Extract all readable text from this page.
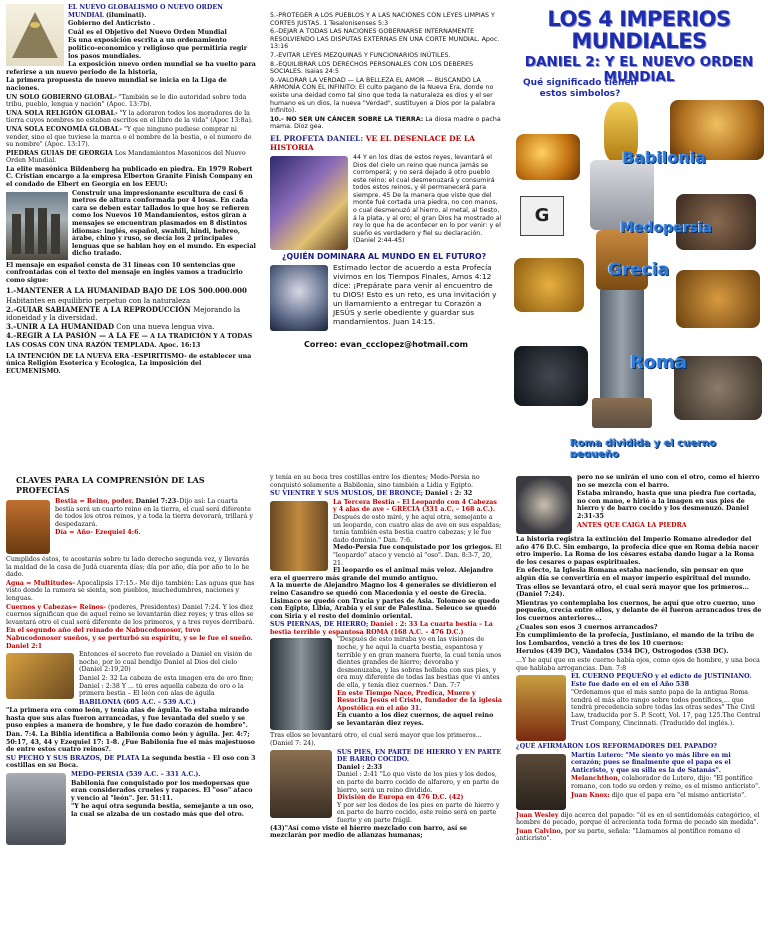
EL NUEVO GLOBALISMO O NUEVO ORDEN MUNDIAL (iluminati).

Gobierno del Anticristo .

Cuál es el Objetivo del Nuevo Orden Mundial

Es una exposición escrita a un ordenamiento político-economico y religioso que permitiría regir los pasos mundiales.

La exposición nuevo orden mundial se ha vuelto para referirse a un nuevo periodo de la historia,

La primera propuesta de nuevo mundial se inicia en la Liga de naciones.

UN SOLO GOBIERNO GLOBAL- "También se le dio autoridad sobre toda tribu, pueblo, lengua y nación" (Apoc. 13:7b).

UNA SOLA RELIGIÓN GLOBAL- "Y la adoraron todos los moradores de la tierra cuyos nombres no estaban escritos en el libro de la vida" (Apoc 13:8a).

UNA SOLA ECONOMÍA GLOBAL- "Y que ninguno pudiese comprar ni vender, sino el que tuviese la marca o el nombre de la bestia, o el numero de su nombre" (Apoc. 13:17).

PIEDRAS GUIAS DE GEORGIA Los Mandamientos Masonicos del Nuevo Orden Mundial.

La elite masónica Bildenberg ha publicado en piedra. En 1979 Robert C. Cristian encargo a la empresa Elberton Granite Finish Company en el condado de Elbert en Georgia en los EEUU:

Construir una impresionante escultura de casi 6 metros de altura conformada por 4 losas. En cada cara se deben estar tallados lo que hoy se refieren como los Nuevos 10 Mandamientos, estos giran a mensajes se encuentran plasmados en 8 distintos idiomas: inglés, español, swahili, hindi, hebreo, árabe, chino y ruso, se decía los 2 principales lenguas que se hablan hoy en el mundo. En especial dicho tratado.

El mensaje en español consta de 31 líneas con 10 sentencias que confrontadas con el texto del mensaje en inglés vamos a traducirlo como sigue:

1.-MANTENER A LA HUMANIDAD BAJO DE LOS 500.000.000

Habitantes en equilibrio perpetuo con la naturaleza

2.-GUIAR SABIAMENTE A LA REPRODUCCIÓN Mejorando la idoneidad y la diversidad.

3.-UNIR A LA HUMANIDAD Con una nueva lengua viva.

4.-REGIR A LA PASIÓN — A LA FE — A LA TRADICIÓN Y A TODAS LAS COSAS CON UNA RAZÓN TEMPLADA. Apoc. 16:13

LA INTENCIÓN DE LA NUEVA ERA -ESPIRITISMO- de establecer una única Religión Esoterica y Ecologica, La imposición del ECUMENISMO.

5.-PROTEGER A LOS PUEBLOS Y A LAS NACIONES CON LEYES LIMPIAS Y CORTES JUSTAS. 1 Tesalonisenses 5:3

6.-DEJAR A TODAS LAS NACIONES GOBERNARSE INTERNAMENTE RESOLVIENDO LAS DISPUTAS EXTERNAS EN UNA CORTE MUNDIAL. Apoc. 13:16

7.-EVITAR LEYES MEZQUINAS Y FUNCIONARIOS INÚTILES.

8.-EQUILIBRAR LOS DERECHOS PERSONALES CON LOS DEBERES SOCIALES. Isaias 24:5

9.-VALORAR LA VERDAD — LA BELLEZA EL AMOR — BUSCANDO LA ARMONÍA CON EL INFINITO: El culto pagano de la Nueva Era, donde no existe una deidad como tal sino que toda la naturaleza es dios y el ser humano es un dios, la nueva "Verdad", sustituyen a Dios por la palabra Infinito).

10.- NO SER UN CÁNCER SOBRE LA TIERRA: La diosa madre o pacha mama. Dioz gea.

EL PROFETA DANIEL: VE EL DESENLACE DE LA HISTORIA

44 Y en los días de estos reyes, levantará el Dios del cielo un reino que nunca jamás se corromperá; y no será dejado á otro pueblo este reino; el cual desmenuzará y consumirá todos estos reinos, y él permanecerá para siempre. 45 De la manera que viste que del monte fué cortada una piedra, no con manos, o cual desmenuzó al hierro, al metal, al tiesto, á la plata, y al oro; el gran Dios ha mostrado al rey lo que ha de acontecer en lo por venir: y el sueño es verdadero y fiel su declaración. (Daniel 2:44-45)

¿QUIÉN DOMINARA AL MUNDO EN EL FUTURO?

Estimado lector de acuerdo a esta Profecía vivimos en los Tiempos Finales, Amos 4:12 dice: ¡Prepárate para venir al encuentro de tu DIOS! Esto es un reto, es una invitación y un llamamiento a entregar tu Corazón a JESÚS y serle obediente y guardar sus mandamientos. Juan 14:15.

Correo: evan_ccclopez@hotmail.com

LOS 4 IMPERIOS MUNDIALES
DANIEL 2: Y EL NUEVO ORDEN MUNDIAL
Qué significado tienen estos simbolos?
G
Babilonia
Medopersia
Grecia
Roma
Roma dividida y el cuerno pequeño

CLAVES PARA LA COMPRENSIÓN DE LAS PROFECÍAS

Bestia = Reino, poder. Daniel 7:23–Dijo así: La cuarta bestia será un cuarto reino en la tierra, el cual será diferente de todos los otros reinos, y a toda la tierra devorará, trillará y despedazará.

Día = Año- Ezequiel 4:6.

Cumplidos éstos, te acostarás sobre tu lado derecho segunda vez, y llevarás la maldad de la casa de Judá cuarenta días; día por año, día por año te lo he dado.

Agua = Multitudes- Apocalipsis 17:15.- Me dijo también: Las aguas que has visto donde la ramera se sienta, son pueblos, muchedumbres, naciones y lenguas.

Cuernos y Cabezas= Reinos- (poderes, Presidentes) Daniel 7:24. Y los diez cuernos significan que de aquel reino se levantarán diez reyes; y tras ellos se levantará otro el cual será diferente de los primeros, y a tres reyes derribará.

En el segundo año del reinado de Nabucodonosor, tuvo Nabucodonosor sueños, y se perturbó su espíritu, y se le fue el sueño. Daniel 2:1

Entonces el secreto fue revelado a Daniel en visión de noche, por lo cual bendijo Daniel al Dios del cielo (Daniel 2:19,20)

Daniel 2: 32 La cabeza de esta imagen era de oro fino; Daniel : 2:38 Y ... tú eres aquella cabeza de oro o la primera bestia – El león con alas de águila

BABILONIA (605 A.C. – 539 A.C.)

"La primera era como león, y tenía alas de águila. Yo estaba mirando hasta que sus alas fueron arrancadas, y fue levantada del suelo y se puso enpies a manera de hombre, y le fue dado corazón de hombre".

Dan. 7:4. La Biblia identifica a Babilonia como león y águila. Jer. 4:7; 50:17, 43, 44 y Ezequiel 17: 1-8. ¿Fue Babilonia fue el más majestuoso de entre estos cuatro reinos?.

SU PECHO Y SUS BRAZOS, DE PLATA La segunda bestia – El oso con 3 costillas en su Boca.

MEDO-PERSIA (539 A.C. – 331 A.C.).

Babilonia fue conquistado por los medopersas que eran considerados crueles y rapaces. El "oso" ataco y vencio al "león". Jer. 51:11.

"Y he aquí otra segunda bestia, semejante a un oso, la cual se alzaba de un costado más que del otro.

y tenía en su boca tres costillas entre los dientes; Medo-Persia no conquistó solamente a Babilonia, sino también a Lidia y Egipto.

SU VIENTRE Y SUS MUSLOS, DE BRONCE; Daniel : 2: 32

La Tercera Bestia – El Leopardo con 4 Cabezas y 4 alas de ave – GRECIA (331 a.C. – 168 a.C.).

Después de esto miré, y he aquí otra, semejante a un leopardo, con cuatro alas de ave en sus espaldas; tenía también esta bestia cuatro cabezas; y le fue dado dominio." Dan. 7:6.

Medo-Persia fue conquistado por los griegos. El "leopardo" ataco y venció al "oso". Dan. 8:3-7, 20, 21.

El leopardo es el animal más veloz. Alejandro era el guerrero más grande del mundo antiguo.

A la muerte de Alejandro Magno los 4 generales se dividieron el reino Casandro se quedó con Macedonia y el oeste de Grecia. Lisimaco se quedó con Tracia y partes de Asia. Tolomeo se quedo con Egipto, Libia, Arabia y el sur de Palestina. Seleuco se quedó con Siria y el resto del dominio oriental.

SUS PIERNAS, DE HIERRO; Daniel : 2: 33 La cuarta bestia – La bestia terrible y espantosa ROMA (168 A.C. – 476 D.C.)

"Después de esto miraba yo en las visiones de noche, y he aquí la cuarta bestia, espantosa y terrible y en gran manera fuerte, la cual tenía unos dientes grandes de hierro; devoraba y desmenuzaba, y las sobras hollaba con sus pies, y era muy diferente de todas las bestias que vi antes de ella, y tenía diez cuernos." Dan. 7:7

En este Tiempo Nace, Predica, Muere y Resucita Jesús el Cristo, fundador de la iglesia Apostólica en el año 31.

En cuanto a los diez cuernos, de aquel reino se levantarán diez reyes.

Tras ellos se levantará otro, el cual será mayor que los primeros... (Daniel 7: 24).

SUS PIES, EN PARTE DE HIERRO Y EN PARTE DE BARRO COCIDO.

Daniel : 2:33

Daniel : 2:41 "Lo que viste de los pies y los dedos, en parte de barro cocido de alfarero, y en parte de hierro, será un reino dividido.

División de Europa en 476 D.C. (42)

Y por ser los dedos de los pies en parte de hierro y en parte de barro cocido, este reino será en parte fuerte y en parte frágil.

(43)"Así como viste el hierro mezclado con barro, así se mezclarán por medio de alianzas humanas;

pero no se unirán el uno con el otro, como el hierro no se mezcla con el barro.

Estaba mirando, hasta que una piedra fue cortada, no con mano, e hirió a la imagen en sus pies de hierro y de barro cocido y los desmenuzó. Daniel 2:31-35

ANTES QUE CAIGA LA PIEDRA

La historia registra la extinción del Imperio Romano alrededor del año 476 D.C. Sin embargo, la profecía dice que en Roma debía nacer otro imperio. La Roma de los césares estaba dando lugar a la Roma de los cesares o papas espirituales.

En efecto, la Iglesia Romana estaba naciendo, sin pensar en que algún día se convertiría en el mayor imperio espiritual del mundo.

Tras ellos se levantará otro, el cual será mayor que los primeros... (Daniel 7:24).

Mientras yo contemplaba los cuernos, he aquí que otro cuerno, uno pequeño, crecía entre ellos, y delante de él fueron arrancados tres de los cuernos anteriores...

¿Cuales son esos 3 cuernos arrancados?

En cumplimiento de la profecía, Justiniano, el mando de la tribu de los Lombardos, venció a tres de los 10 cuernos:

Herulos (439 DC), Vándalos (534 DC), Ostrogodos (538 DC).

...Y he aquí que en este cuerno había ojos, como ojos de hombre, y una boca que hablaba arrogancias. Dan. 7:8

EL CUERNO PEQUEÑO y el edicto de JUSTINIANO. Este fue dado en el en el Año 538

"Ordenamos que el más santo papa de la antigua Roma tendrá el más alto rango sobre todos pontífices,... que tendrá precedencia sobre todas las otras sedes" The Civil Law, traducida por S. P. Scott, Vol. 17, pag 125.The Central Trust Company, Cincinnati. (Traducido del inglés.).

¿QUÉ AFIRMARON LOS REFORMADORES DEL PAPADO?

Martín Lutero: "Me siento yo más libre en mi corazón; pues se finalmente que el papa es el Anticristo, y que su silla es la de Satanás".

Melanchthon, colaborador de Lutero, dijo: "El pontífice romano, con todo su orden y reino, es el mismo anticristo".

Juan Knox: dijo que el papa era "el mismo anticristo".

Juan Wesley dijo acerca del papado: "él es en el sentidoméás categórico, el hombre de pecado, porque él acrecienta toda forma de pecado sin medida".

Juan Calvino, por su parte, señala: "Llamamos al pontífice romano el anticristo".
